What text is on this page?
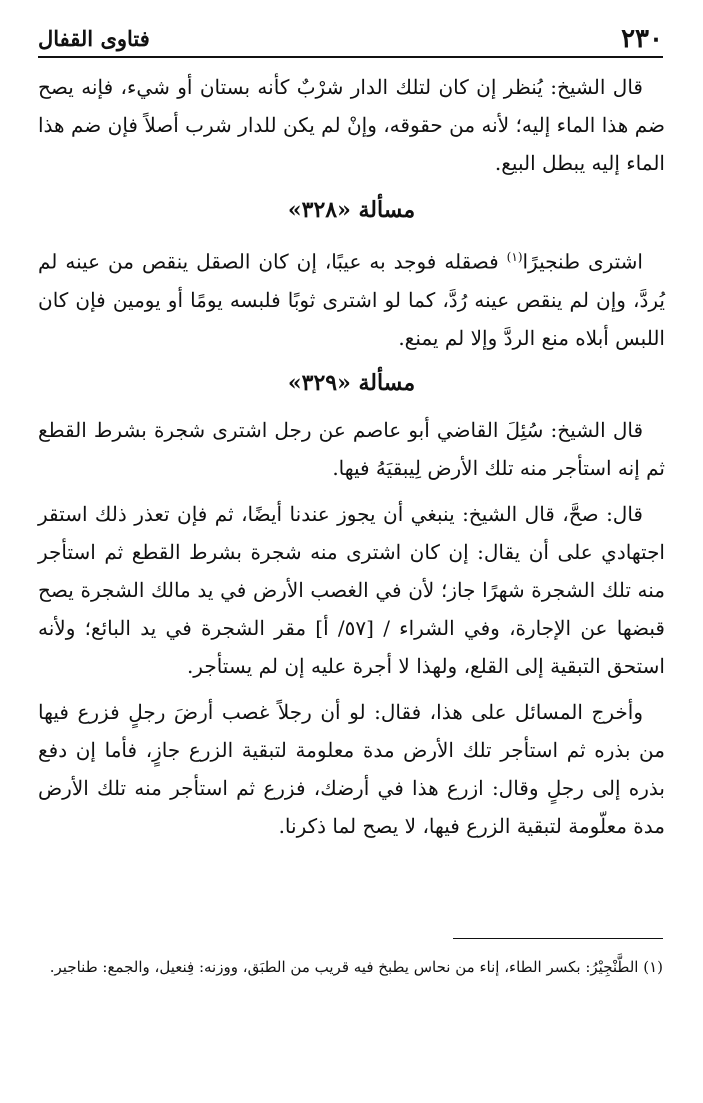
٢٣٠
فتاوى القفال

قال الشيخ: يُنظر إن كان لتلك الدار شرْبٌ كأنه بستان أو شيء، فإنه يصح ضم هذا الماء إليه؛ لأنه من حقوقه، وإنْ لم يكن للدار شرب أصلاً فإن ضم هذا الماء إليه يبطل البيع.

مسألة «٣٢٨»

اشترى طنجيرًا$^{(١)}$ فصقله فوجد به عيبًا، إن كان الصقل ينقص من عينه لم يُردَّ، وإن لم ينقص عينه رُدَّ، كما لو اشترى ثوبًا فلبسه يومًا أو يومين فإن كان اللبس أبلاه منع الردَّ وإلا لم يمنع.

مسألة «٣٢٩»

قال الشيخ: سُئِلَ القاضي أبو عاصم عن رجل اشترى شجرة بشرط القطع ثم إنه استأجر منه تلك الأرض لِيبقيَهُ فيها.

قال: صحَّ، قال الشيخ: ينبغي أن يجوز عندنا أيضًا، ثم فإن تعذر ذلك استقر اجتهادي على أن يقال: إن كان اشترى منه شجرة بشرط القطع ثم استأجر منه تلك الشجرة شهرًا جاز؛ لأن في الغصب الأرض في يد مالك الشجرة يصح قبضها عن الإجارة، وفي الشراء / [٥٧/ أ] مقر الشجرة في يد البائع؛ ولأنه استحق التبقية إلى القلع، ولهذا لا أجرة عليه إن لم يستأجر.

وأخرج المسائل على هذا، فقال: لو أن رجلاً غصب أرضَ رجلٍ فزرع فيها من بذره ثم استأجر تلك الأرض مدة معلومة لتبقية الزرع جازٍ، فأما إن دفع بذره إلى رجلٍ وقال: ازرع هذا في أرضك، فزرع ثم استأجر منه تلك الأرض مدة معلّومة لتبقية الزرع فيها، لا يصح لما ذكرنا.

(١) الطَّنْجِيْرُ: بكسر الطاء، إناء من نحاس يطبخ فيه قريب من الطبَق، ووزنه: فِنعيل، والجمع: طناجير.
